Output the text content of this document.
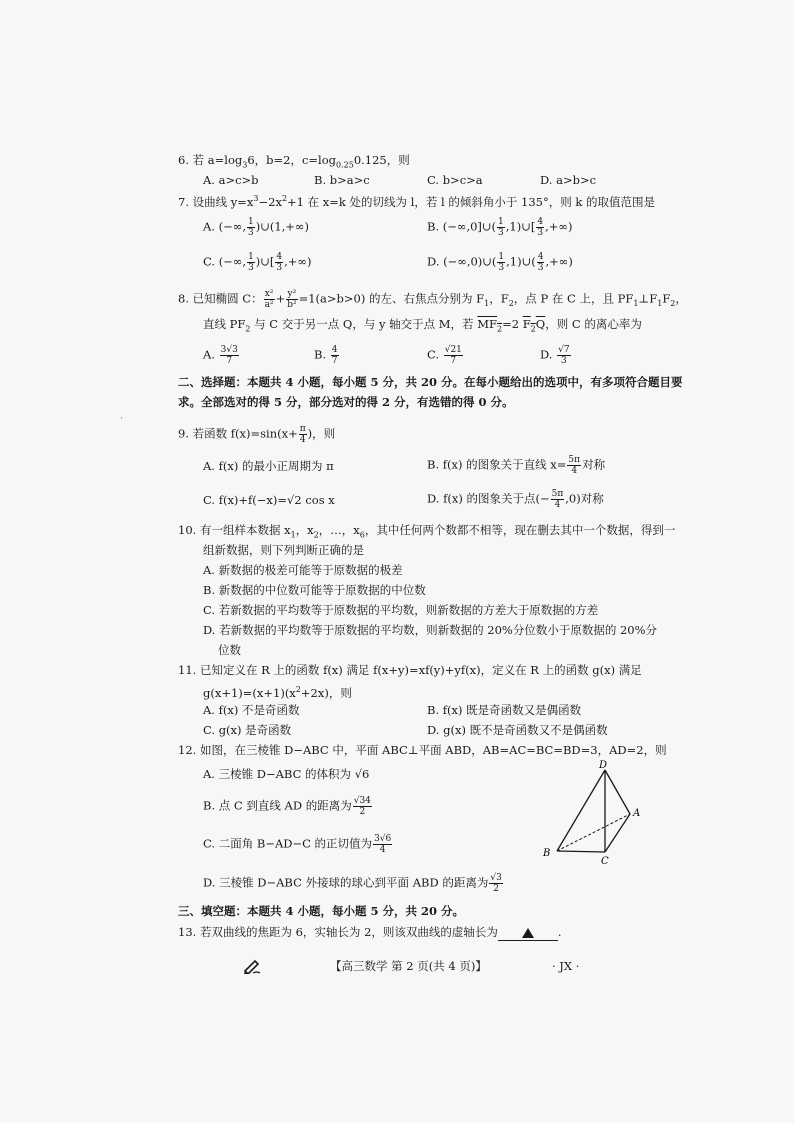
6. 若 $a=\log_36$，b=2，$c=\log_{0.25}0.125$，则
A. a>c>b	B. b>a>c	C. b>c>a	D. a>b>c
7. 设曲线 $y=x^3-2x^2+1$ 在 x=k 处的切线为 l，若 l 的倾斜角小于 135°，则 k 的取值范围是
A. (−∞, $\frac{1}{3}$ )∪(1,+∞)	B. (−∞,0]∪( $\frac{1}{3}$ ,1)∪[ $\frac{4}{3}$ ,+∞)
C. (−∞, $\frac{1}{3}$ )∪[ $\frac{4}{3}$ ,+∞)	D. (−∞,0)∪( $\frac{1}{3}$ ,1)∪( $\frac{4}{3}$ ,+∞)
8. 已知椭圆 C： $\frac{\text{x²}}{\text{a²}} + \frac{\text{y²}}{\text{b²}} =1(a>b>0)$ 的左、右焦点分别为 $F_1$，$F_2$，点 P 在 C 上，且 $PF_1\perp F_1F_2$，
直线 $PF_2$ 与 C 交于另一点 Q，与 y 轴交于点 M，若 $MF_2=2$ $F_2Q$，则 C 的离心率为
A. $\frac{3√3}{7}$	B. $\frac{4}{7}$	C. $\frac{√21}{7}$	D. $\frac{√7}{3}$
二、选择题：本题共 4 小题，每小题 5 分，共 20 分。在每小题给出的选项中，有多项符合题目要
求。全部选对的得 5 分，部分选对的得 2 分，有选错的得 0 分。
·
9. 若函数 $f(x)=\sin(x+ \frac{\pi}{4}$ )，则
A. f(x) 的最小正周期为 π	B. f(x) 的图象关于直线 $x= \frac{5\pi}{4}$ 对称
C. f(x)+f(−x)=√2 cos x	D. f(x) 的图象关于点(− $\frac{5\pi}{4} ,0$)对称
10. 有一组样本数据 $x_1$，$x_2$，…，$x_6$，其中任何两个数都不相等，现在删去其中一个数据，得到一
组新数据，则下列判断正确的是
A. 新数据的极差可能等于原数据的极差
B. 新数据的中位数可能等于原数据的中位数
C. 若新数据的平均数等于原数据的平均数，则新数据的方差大于原数据的方差
D. 若新数据的平均数等于原数据的平均数，则新数据的 20%分位数小于原数据的 20%分
位数
11. 已知定义在 R 上的函数 f(x) 满足 f(x+y)=xf(y)+yf(x)，定义在 R 上的函数 g(x) 满足
$g(x+1)=(x+1)(x^2+2x)$，则
A. f(x) 不是奇函数	B. f(x) 既是奇函数又是偶函数
C. g(x) 是奇函数	D. g(x) 既不是奇函数又不是偶函数
12. 如图，在三棱锥 D−ABC 中，平面 ABC⊥平面 ABD，AB=AC=BC=BD=3，AD=2，则
A. 三棱锥 D−ABC 的体积为 √6
B. 点 C 到直线 AD 的距离为 $\frac{√34}{2}$
C. 二面角 B−AD−C 的正切值为 $\frac{3√6}{4}$
D. 三棱锥 D−ABC 外接球的球心到平面 ABD 的距离为 $\frac{√3}{2}$
D
A
B
C
三、填空题：本题共 4 小题，每小题 5 分，共 20 分。
13. 若双曲线的焦距为 6，实轴长为 2，则该双曲线的虚轴长为	.
【高三数学 第 2 页(共 4 页)】	· JX ·
